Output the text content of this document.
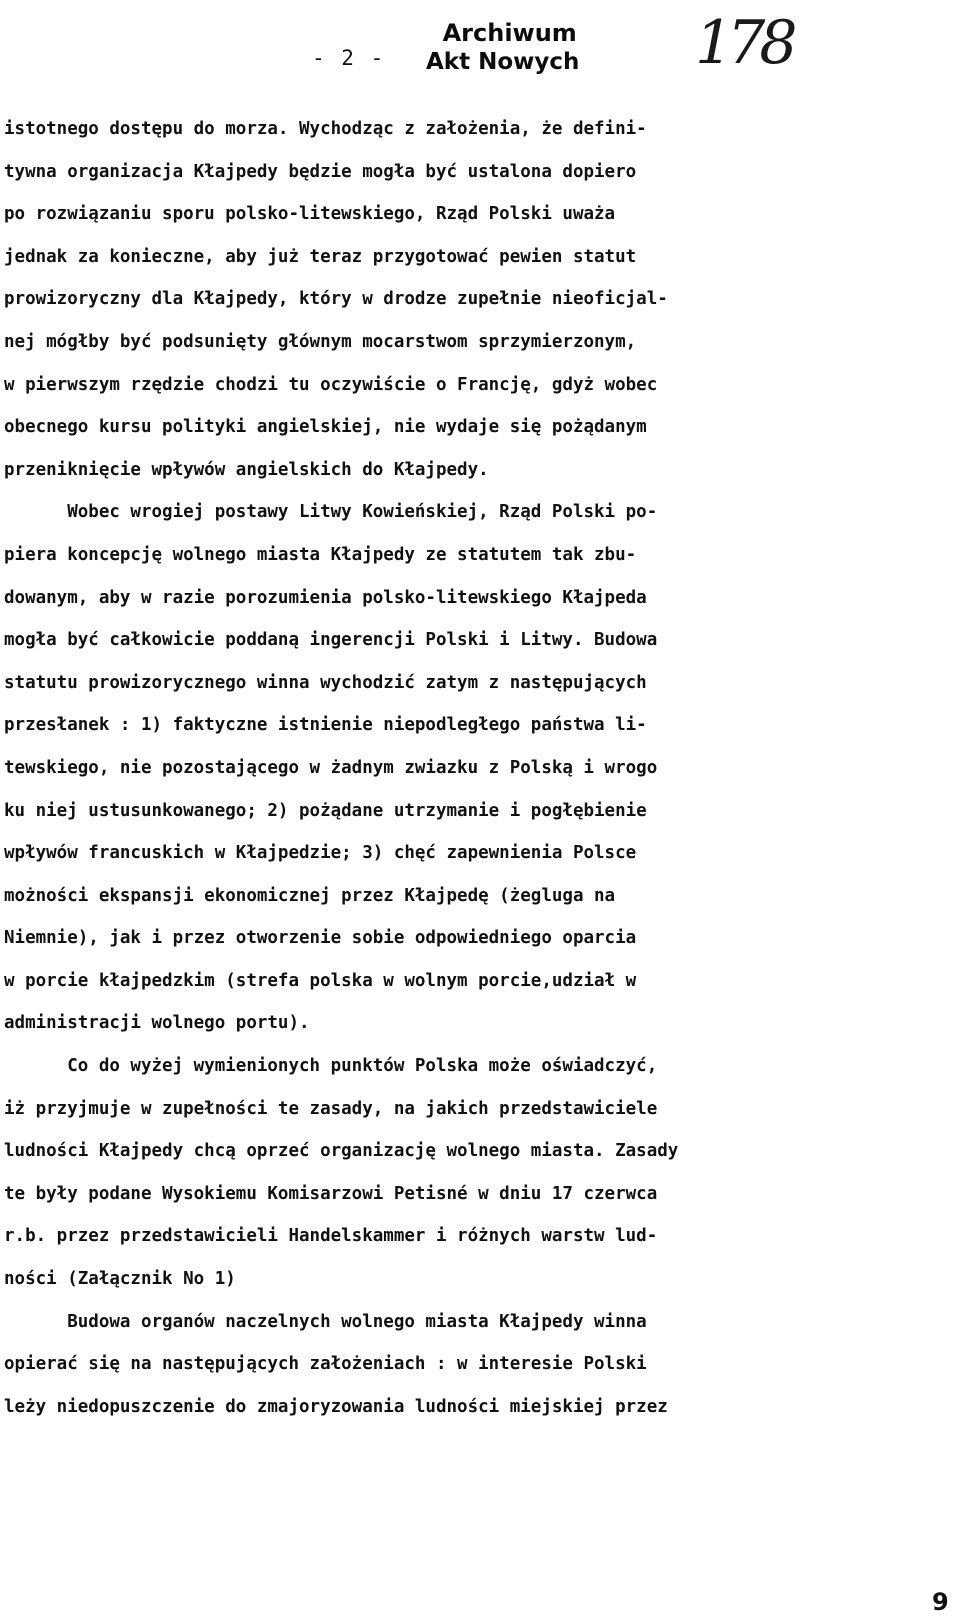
- 2 -
Archiwum
Akt Nowych 178
istotnego dostępu do morza. Wychodząc z założenia, że defini-
tywna organizacja Kłajpedy będzie mogła być ustalona dopiero
po rozwiązaniu sporu polsko-litewskiego, Rząd Polski uważa
jednak za konieczne, aby już teraz przygotować pewien statut
prowizoryczny dla Kłajpedy, który w drodze zupełnie nieoficjal-
nej mógłby być podsunięty głównym mocarstwom sprzymierzonym,
w pierwszym rzędzie chodzi tu oczywiście o Francję, gdyż wobec
obecnego kursu polityki angielskiej, nie wydaje się pożądanym
przeniknięcie wpływów angielskich do Kłajpedy.
Wobec wrogiej postawy Litwy Kowieńskiej, Rząd Polski po-
piera koncepcję wolnego miasta Kłajpedy ze statutem tak zbu-
dowanym, aby w razie porozumienia polsko-litewskiego Kłajpeda
mogła być całkowicie poddaną ingerencji Polski i Litwy. Budowa
statutu prowizorycznego winna wychodzić zatym z następujących
przesłanek : 1) faktyczne istnienie niepodległego państwa li-
tewskiego, nie pozostającego w żadnym zwiazku z Polską i wrogo
ku niej ustusunkowanego; 2) pożądane utrzymanie i pogłębienie
wpływów francuskich w Kłajpedzie; 3) chęć zapewnienia Polsce
możności ekspansji ekonomicznej przez Kłajpedę (żegluga na
Niemnie), jak i przez otworzenie sobie odpowiedniego oparcia
w porcie kłajpedzkim (strefa polska w wolnym porcie,udział w
administracji wolnego portu).
Co do wyżej wymienionych punktów Polska może oświadczyć,
iż przyjmuje w zupełności te zasady, na jakich przedstawiciele
ludności Kłajpedy chcą oprzeć organizację wolnego miasta. Zasady
te były podane Wysokiemu Komisarzowi Petisné w dniu 17 czerwca
r.b. przez przedstawicieli Handelskammer i różnych warstw lud-
ności (Załącznik No 1)
Budowa organów naczelnych wolnego miasta Kłajpedy winna
opierać się na następujących założeniach : w interesie Polski
leży niedopuszczenie do zmajoryzowania ludności miejskiej przez
9
